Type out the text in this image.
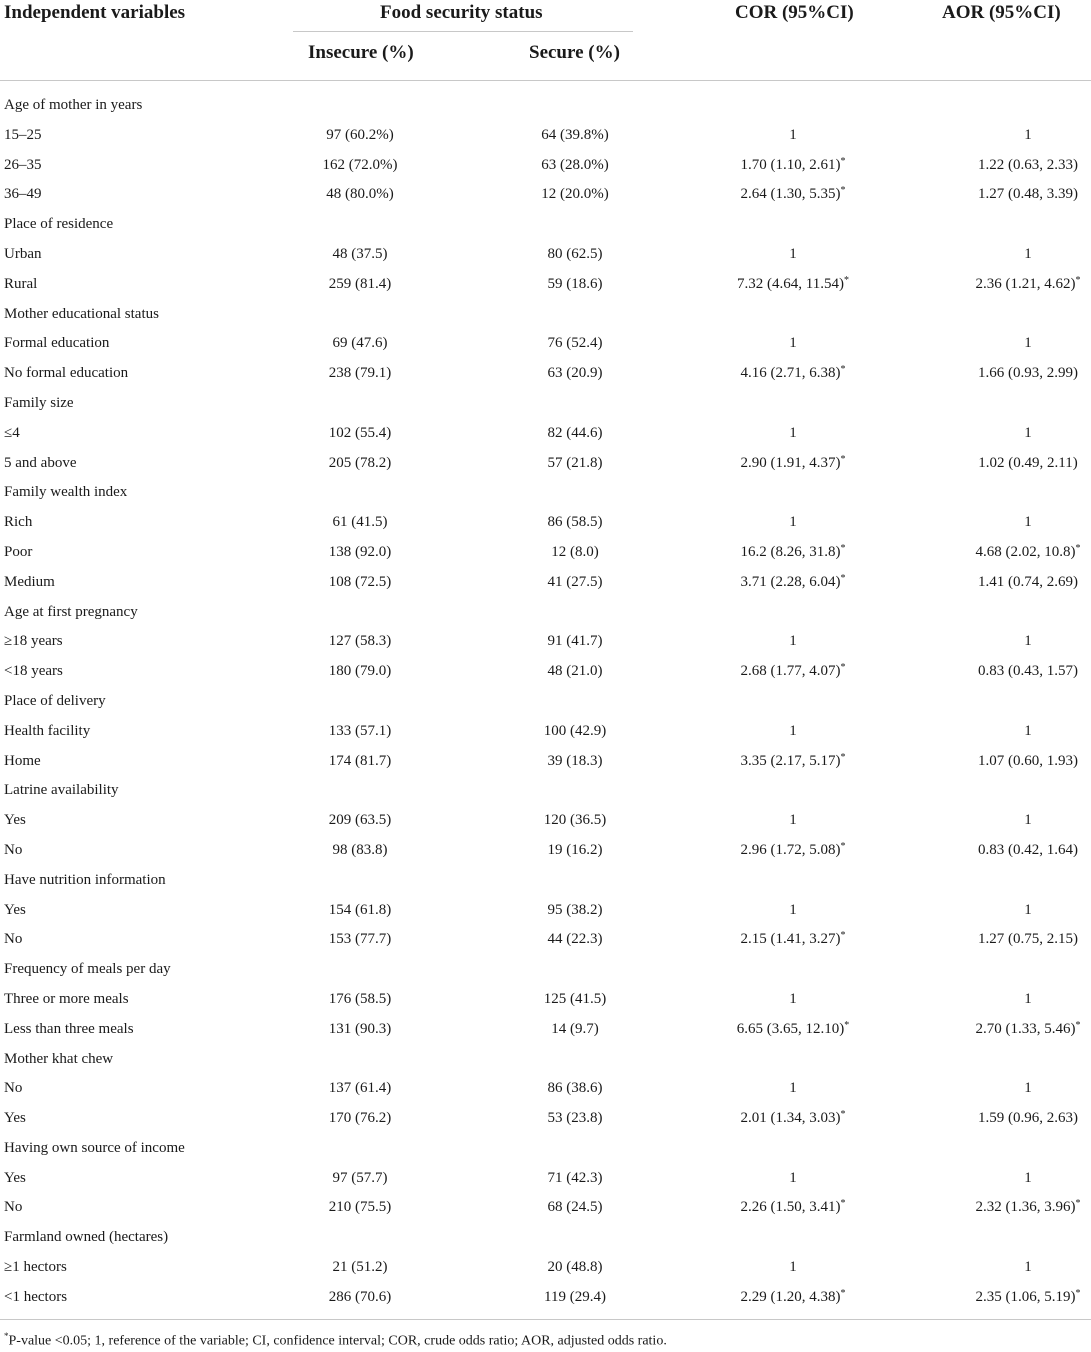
Independent variables	Food security status	COR (95%CI)	AOR (95%CI)
Insecure (%)	Secure (%)
Age of mother in years
15–25	97 (60.2%)	64 (39.8%)	1	1
26–35	162 (72.0%)	63 (28.0%)	1.70 (1.10, 2.61)*	1.22 (0.63, 2.33)
36–49	48 (80.0%)	12 (20.0%)	2.64 (1.30, 5.35)*	1.27 (0.48, 3.39)
Place of residence
Urban	48 (37.5)	80 (62.5)	1	1
Rural	259 (81.4)	59 (18.6)	7.32 (4.64, 11.54)*	2.36 (1.21, 4.62)*
Mother educational status
Formal education	69 (47.6)	76 (52.4)	1	1
No formal education	238 (79.1)	63 (20.9)	4.16 (2.71, 6.38)*	1.66 (0.93, 2.99)
Family size
≤4	102 (55.4)	82 (44.6)	1	1
5 and above	205 (78.2)	57 (21.8)	2.90 (1.91, 4.37)*	1.02 (0.49, 2.11)
Family wealth index
Rich	61 (41.5)	86 (58.5)	1	1
Poor	138 (92.0)	12 (8.0)	16.2 (8.26, 31.8)*	4.68 (2.02, 10.8)*
Medium	108 (72.5)	41 (27.5)	3.71 (2.28, 6.04)*	1.41 (0.74, 2.69)
Age at first pregnancy
≥18 years	127 (58.3)	91 (41.7)	1	1
<18 years	180 (79.0)	48 (21.0)	2.68 (1.77, 4.07)*	0.83 (0.43, 1.57)
Place of delivery
Health facility	133 (57.1)	100 (42.9)	1	1
Home	174 (81.7)	39 (18.3)	3.35 (2.17, 5.17)*	1.07 (0.60, 1.93)
Latrine availability
Yes	209 (63.5)	120 (36.5)	1	1
No	98 (83.8)	19 (16.2)	2.96 (1.72, 5.08)*	0.83 (0.42, 1.64)
Have nutrition information
Yes	154 (61.8)	95 (38.2)	1	1
No	153 (77.7)	44 (22.3)	2.15 (1.41, 3.27)*	1.27 (0.75, 2.15)
Frequency of meals per day
Three or more meals	176 (58.5)	125 (41.5)	1	1
Less than three meals	131 (90.3)	14 (9.7)	6.65 (3.65, 12.10)*	2.70 (1.33, 5.46)*
Mother khat chew
No	137 (61.4)	86 (38.6)	1	1
Yes	170 (76.2)	53 (23.8)	2.01 (1.34, 3.03)*	1.59 (0.96, 2.63)
Having own source of income
Yes	97 (57.7)	71 (42.3)	1	1
No	210 (75.5)	68 (24.5)	2.26 (1.50, 3.41)*	2.32 (1.36, 3.96)*
Farmland owned (hectares)
≥1 hectors	21 (51.2)	20 (48.8)	1	1
<1 hectors	286 (70.6)	119 (29.4)	2.29 (1.20, 4.38)*	2.35 (1.06, 5.19)*
*P-value <0.05; 1, reference of the variable; CI, confidence interval; COR, crude odds ratio; AOR, adjusted odds ratio.
